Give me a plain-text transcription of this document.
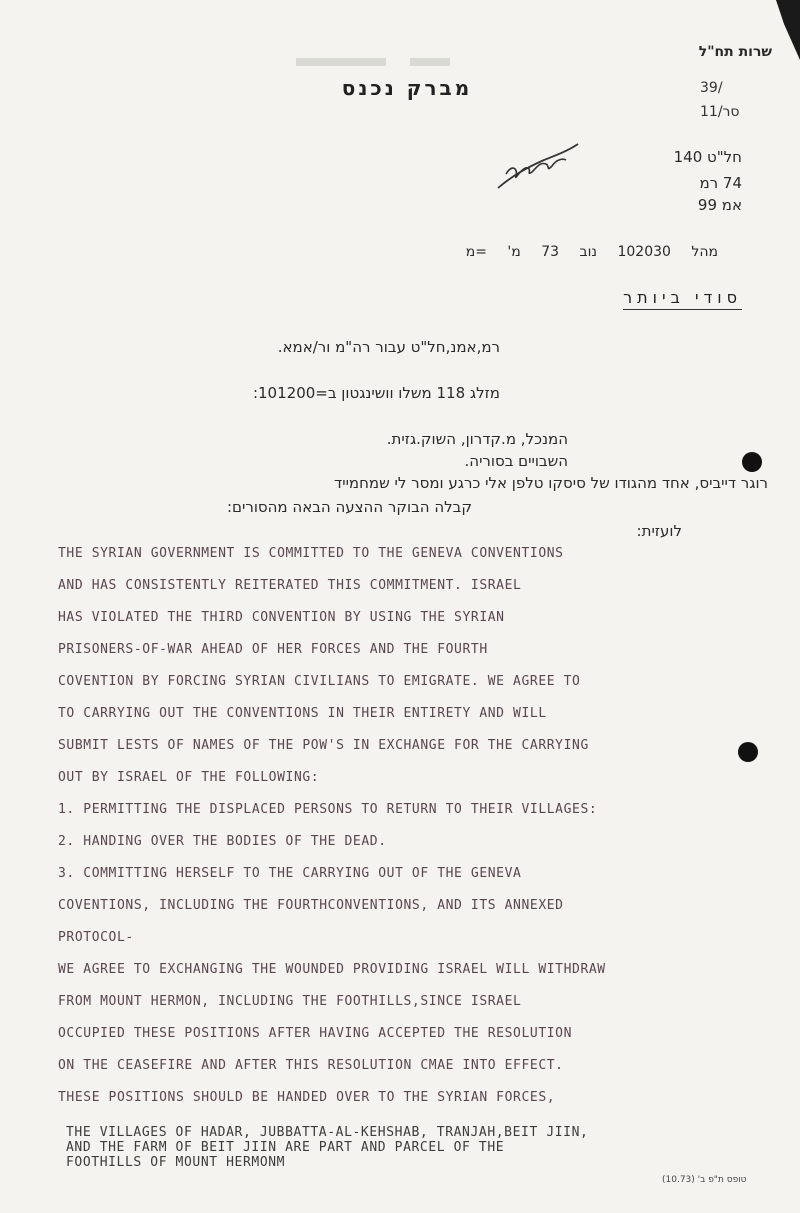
שרות תח"ל
מברק נכנס	39/
11/סר
חל"ט 140
74 רמ
אמ 99
מהל 102030 נוב 73 מ' =מ
סודי ביותר
רמ,אמנ,חל"ט עבור רה"מ ור/אמא.
מזלג 118 משלו וושינגטון ב=101200:
המנכל, מ.קדרון, השוק.גזית.
השבויים בסוריה.
רוגר דייביס, אחד מהגודו של סיסקו טלפן אלי כרגע ומסר לי שמחמייד
קבלה הבוקר ההצעה הבאה מהסורים:
לועזית:
THE SYRIAN GOVERNMENT IS COMMITTED TO THE GENEVA CONVENTIONS
AND HAS CONSISTENTLY REITERATED THIS COMMITMENT. ISRAEL
HAS VIOLATED THE THIRD CONVENTION BY USING THE SYRIAN
PRISONERS-OF-WAR AHEAD OF HER FORCES AND THE FOURTH
COVENTION BY FORCING SYRIAN CIVILIANS TO EMIGRATE. WE AGREE TO
TO CARRYING OUT THE CONVENTIONS IN THEIR ENTIRETY AND WILL
SUBMIT LESTS OF NAMES OF THE POW'S IN EXCHANGE FOR THE CARRYING
OUT BY ISRAEL OF THE FOLLOWING:
1. PERMITTING THE DISPLACED PERSONS TO RETURN TO THEIR VILLAGES:
2. HANDING OVER THE BODIES OF THE DEAD.
3. COMMITTING HERSELF TO THE CARRYING OUT OF THE GENEVA
COVENTIONS, INCLUDING THE FOURTHCONVENTIONS, AND ITS ANNEXED
PROTOCOL-
WE AGREE TO EXCHANGING THE WOUNDED PROVIDING ISRAEL WILL WITHDRAW
FROM MOUNT HERMON, INCLUDING THE FOOTHILLS,SINCE ISRAEL
OCCUPIED THESE POSITIONS AFTER HAVING ACCEPTED THE RESOLUTION
ON THE CEASEFIRE AND AFTER THIS RESOLUTION CMAE INTO EFFECT.
THESE POSITIONS SHOULD BE HANDED OVER TO THE SYRIAN FORCES,
THE VILLAGES OF HADAR, JUBBATTA-AL-KEHSHAB, TRANJAH,BEIT JIIN,
AND THE FARM OF BEIT JIIN ARE PART AND PARCEL OF THE
FOOTHILLS OF MOUNT HERMONM
טופס ת"פ ב' (10.73)
